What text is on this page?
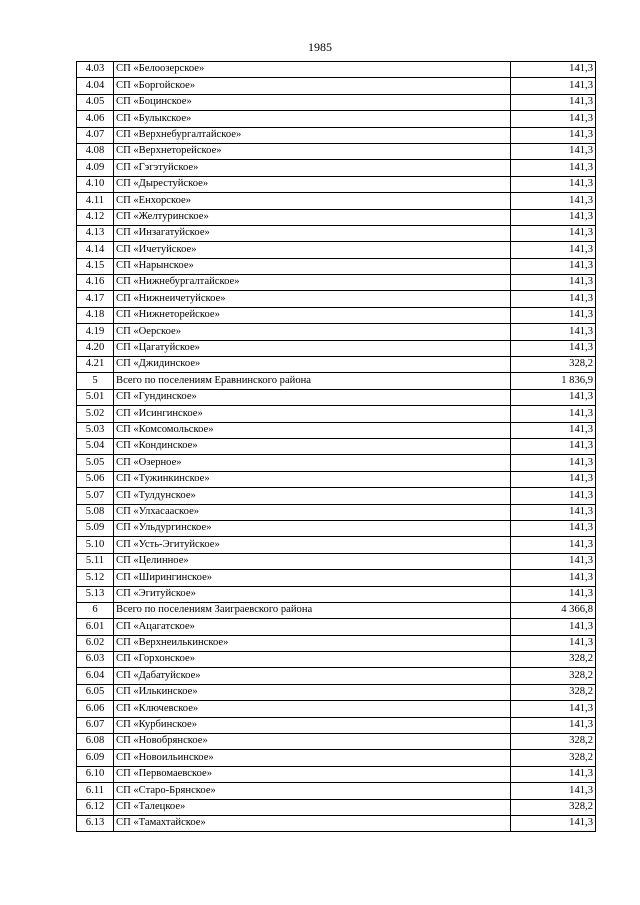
1985
4.03	СП «Белоозерское»	141,3
4.04	СП «Боргойское»	141,3
4.05	СП «Боцинское»	141,3
4.06	СП «Булыкское»	141,3
4.07	СП «Верхнебургалтайское»	141,3
4.08	СП «Верхнеторейское»	141,3
4.09	СП «Гэгэтуйское»	141,3
4.10	СП «Дырестуйское»	141,3
4.11	СП «Енхорское»	141,3
4.12	СП «Желтуринское»	141,3
4.13	СП «Инзагатуйское»	141,3
4.14	СП «Ичетуйское»	141,3
4.15	СП «Нарынское»	141,3
4.16	СП «Нижнебургалтайское»	141,3
4.17	СП «Нижнеичетуйское»	141,3
4.18	СП «Нижнеторейское»	141,3
4.19	СП «Оерское»	141,3
4.20	СП «Цагатуйское»	141,3
4.21	СП «Джидинское»	328,2
5	Всего по поселениям Еравнинского района	1 836,9
5.01	СП «Гундинское»	141,3
5.02	СП «Исингинское»	141,3
5.03	СП «Комсомольское»	141,3
5.04	СП «Кондинское»	141,3
5.05	СП «Озерное»	141,3
5.06	СП «Тужинкинское»	141,3
5.07	СП «Тулдунское»	141,3
5.08	СП «Улхасаaское»	141,3
5.09	СП «Ульдургинское»	141,3
5.10	СП «Усть-Эгитуйское»	141,3
5.11	СП «Целинное»	141,3
5.12	СП «Ширингинское»	141,3
5.13	СП «Эгитуйское»	141,3
6	Всего по поселениям Заиграевского района	4 366,8
6.01	СП «Ацагатское»	141,3
6.02	СП «Верхнеилькинское»	141,3
6.03	СП «Горхонское»	328,2
6.04	СП «Дабатуйское»	328,2
6.05	СП «Илькинское»	328,2
6.06	СП «Ключевское»	141,3
6.07	СП «Курбинское»	141,3
6.08	СП «Новобрянское»	328,2
6.09	СП «Новоильинское»	328,2
6.10	СП «Первомаевское»	141,3
6.11	СП «Старо-Брянское»	141,3
6.12	СП «Талецкое»	328,2
6.13	СП «Тамахтайское»	141,3
